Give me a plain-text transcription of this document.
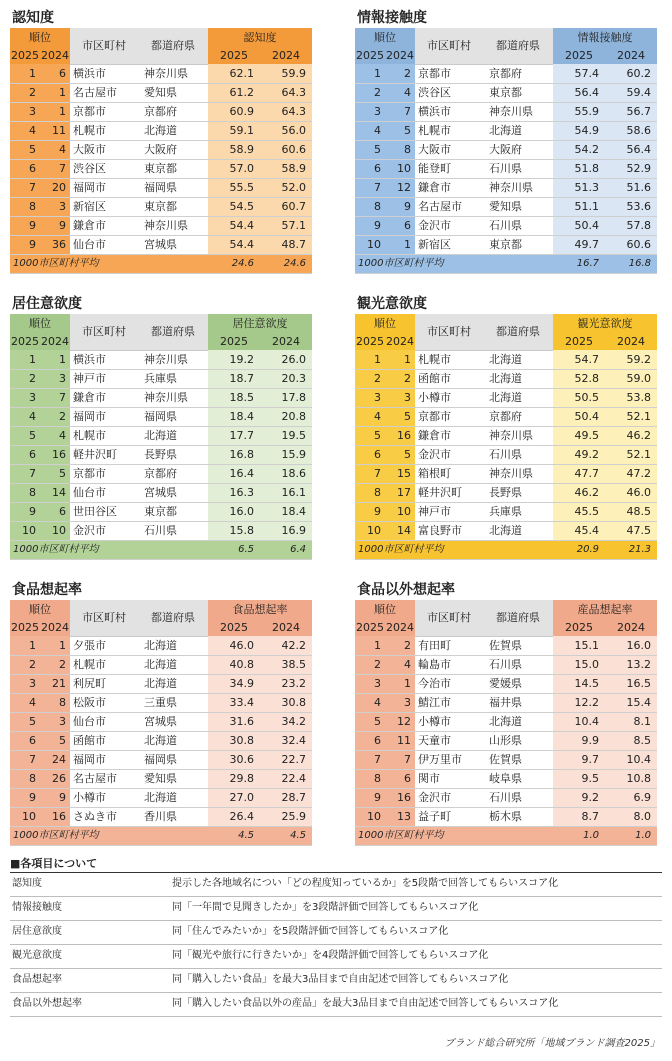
認知度
順位		市区町村	都道府県	認知度	
2025	2024			2025	2024
1	6	横浜市	神奈川県	62.1	59.9
2	1	名古屋市	愛知県	61.2	64.3
3	1	京都市	京都府	60.9	64.3
4	11	札幌市	北海道	59.1	56.0
5	4	大阪市	大阪府	58.9	60.6
6	7	渋谷区	東京都	57.0	58.9
7	20	福岡市	福岡県	55.5	52.0
8	3	新宿区	東京都	54.5	60.7
9	9	鎌倉市	神奈川県	54.4	57.1
9	36	仙台市	宮城県	54.4	48.7
1000市区町村平均				24.6	24.6
情報接触度
順位		市区町村	都道府県	情報接触度	
2025	2024			2025	2024
1	2	京都市	京都府	57.4	60.2
2	4	渋谷区	東京都	56.4	59.4
3	7	横浜市	神奈川県	55.9	56.7
4	5	札幌市	北海道	54.9	58.6
5	8	大阪市	大阪府	54.2	56.4
6	10	能登町	石川県	51.8	52.9
7	12	鎌倉市	神奈川県	51.3	51.6
8	9	名古屋市	愛知県	51.1	53.6
9	6	金沢市	石川県	50.4	57.8
10	1	新宿区	東京都	49.7	60.6
1000市区町村平均				16.7	16.8
居住意欲度
順位		市区町村	都道府県	居住意欲度	
2025	2024			2025	2024
1	1	横浜市	神奈川県	19.2	26.0
2	3	神戸市	兵庫県	18.7	20.3
3	7	鎌倉市	神奈川県	18.5	17.8
4	2	福岡市	福岡県	18.4	20.8
5	4	札幌市	北海道	17.7	19.5
6	16	軽井沢町	長野県	16.8	15.9
7	5	京都市	京都府	16.4	18.6
8	14	仙台市	宮城県	16.3	16.1
9	6	世田谷区	東京都	16.0	18.4
10	10	金沢市	石川県	15.8	16.9
1000市区町村平均				6.5	6.4
観光意欲度
順位		市区町村	都道府県	観光意欲度	
2025	2024			2025	2024
1	1	札幌市	北海道	54.7	59.2
2	2	函館市	北海道	52.8	59.0
3	3	小樽市	北海道	50.5	53.8
4	5	京都市	京都府	50.4	52.1
5	16	鎌倉市	神奈川県	49.5	46.2
6	5	金沢市	石川県	49.2	52.1
7	15	箱根町	神奈川県	47.7	47.2
8	17	軽井沢町	長野県	46.2	46.0
9	10	神戸市	兵庫県	45.5	48.5
10	14	富良野市	北海道	45.4	47.5
1000市区町村平均				20.9	21.3
食品想起率
順位		市区町村	都道府県	食品想起率	
2025	2024			2025	2024
1	1	夕張市	北海道	46.0	42.2
2	2	札幌市	北海道	40.8	38.5
3	21	利尻町	北海道	34.9	23.2
4	8	松阪市	三重県	33.4	30.8
5	3	仙台市	宮城県	31.6	34.2
6	5	函館市	北海道	30.8	32.4
7	24	福岡市	福岡県	30.6	22.7
8	26	名古屋市	愛知県	29.8	22.4
9	9	小樽市	北海道	27.0	28.7
10	16	さぬき市	香川県	26.4	25.9
1000市区町村平均				4.5	4.5
食品以外想起率
順位		市区町村	都道府県	産品想起率	
2025	2024			2025	2024
1	2	有田町	佐賀県	15.1	16.0
2	4	輪島市	石川県	15.0	13.2
3	1	今治市	愛媛県	14.5	16.5
4	3	鯖江市	福井県	12.2	15.4
5	12	小樽市	北海道	10.4	8.1
6	11	天童市	山形県	9.9	8.5
7	7	伊万里市	佐賀県	9.7	10.4
8	6	関市	岐阜県	9.5	10.8
9	16	金沢市	石川県	9.2	6.9
10	13	益子町	栃木県	8.7	8.0
1000市区町村平均				1.0	1.0
■各項目について
認知度	提示した各地域名につい「どの程度知っているか」を5段階で回答してもらいスコア化
情報接触度	同「一年間で見聞きしたか」を3段階評価で回答してもらいスコア化
居住意欲度	同「住んでみたいか」を5段階評価で回答してもらいスコア化
観光意欲度	同「観光や旅行に行きたいか」を4段階評価で回答してもらいスコア化
食品想起率	同「購入したい食品」を最大3品目まで自由記述で回答してもらいスコア化
食品以外想起率	同「購入したい食品以外の産品」を最大3品目まで自由記述で回答してもらいスコア化
ブランド総合研究所「地域ブランド調査2025」
